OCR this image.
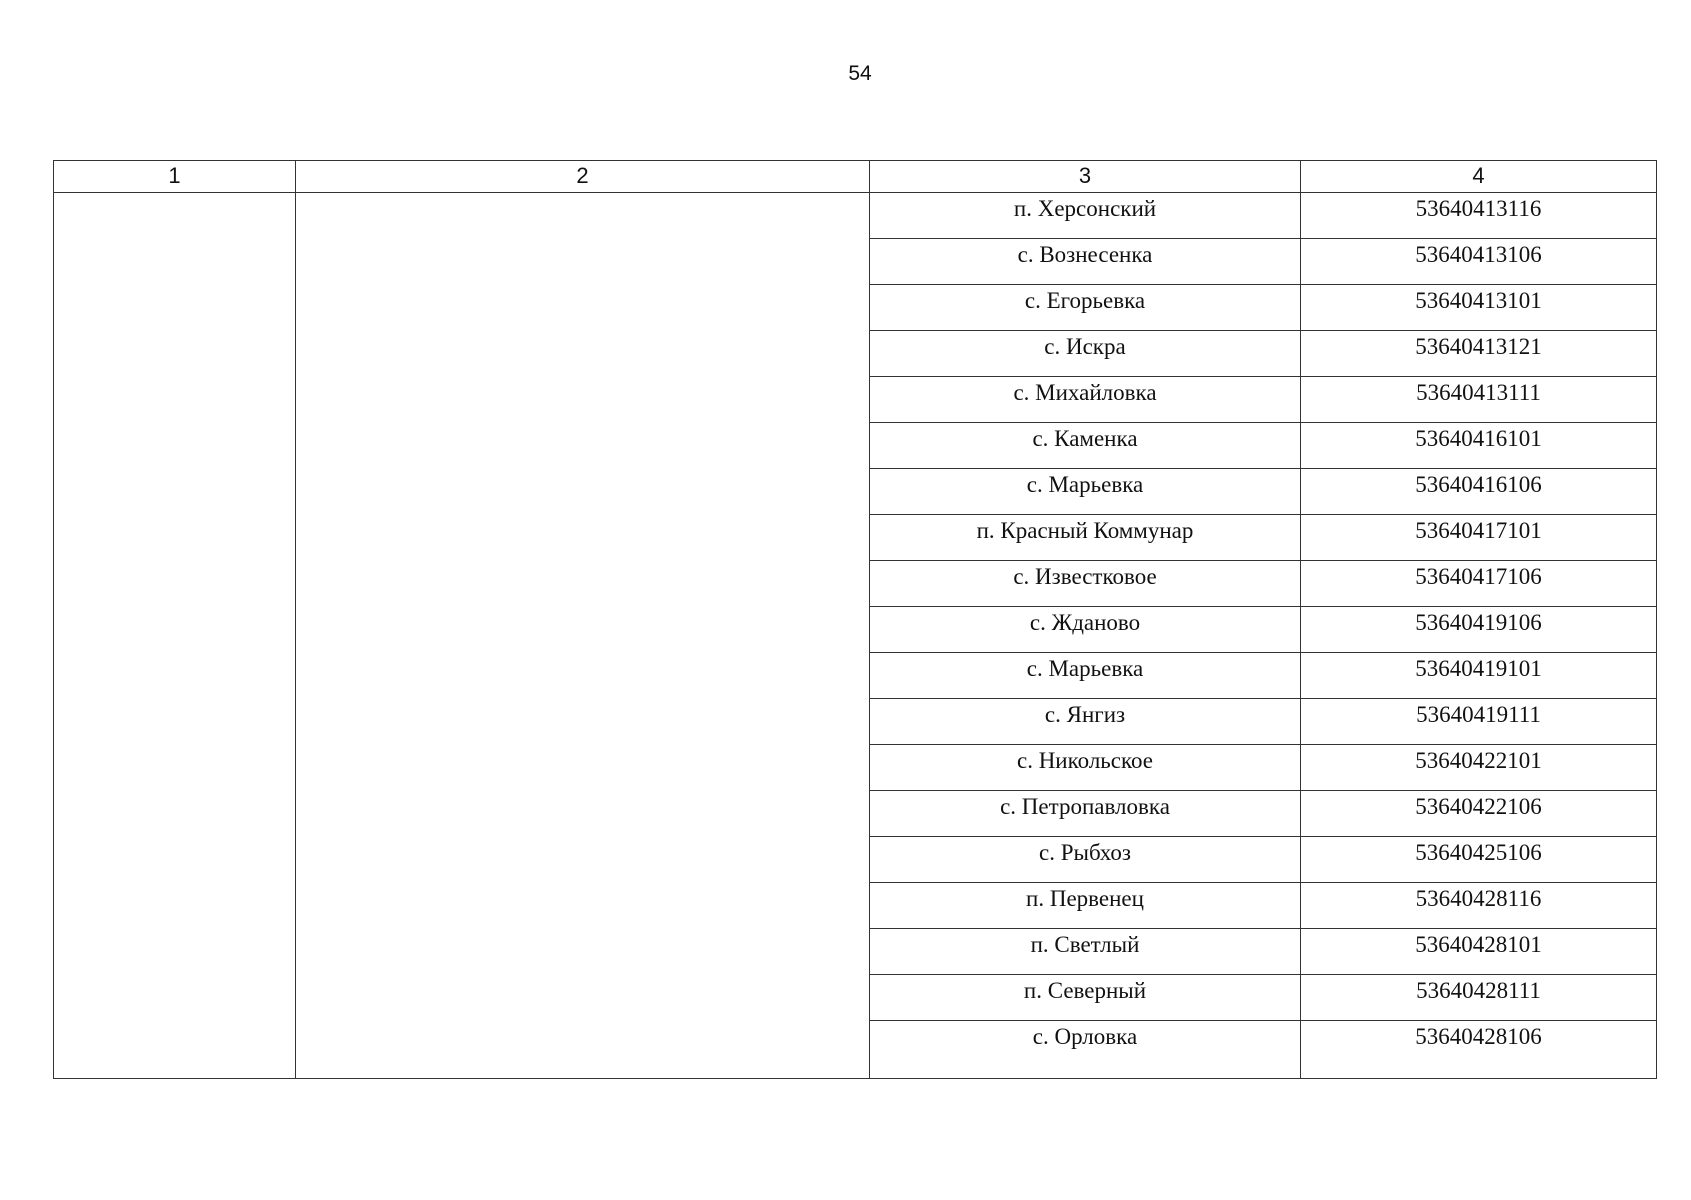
54
1	2	3	4
		п. Херсонский	53640413116
		с. Вознесенка	53640413106
		с. Егорьевка	53640413101
		с. Искра	53640413121
		с. Михайловка	53640413111
		с. Каменка	53640416101
		с. Марьевка	53640416106
		п. Красный Коммунар	53640417101
		с. Известковое	53640417106
		с. Жданово	53640419106
		с. Марьевка	53640419101
		с. Янгиз	53640419111
		с. Никольское	53640422101
		с. Петропавловка	53640422106
		с. Рыбхоз	53640425106
		п. Первенец	53640428116
		п. Светлый	53640428101
		п. Северный	53640428111
		с. Орловка	53640428106
